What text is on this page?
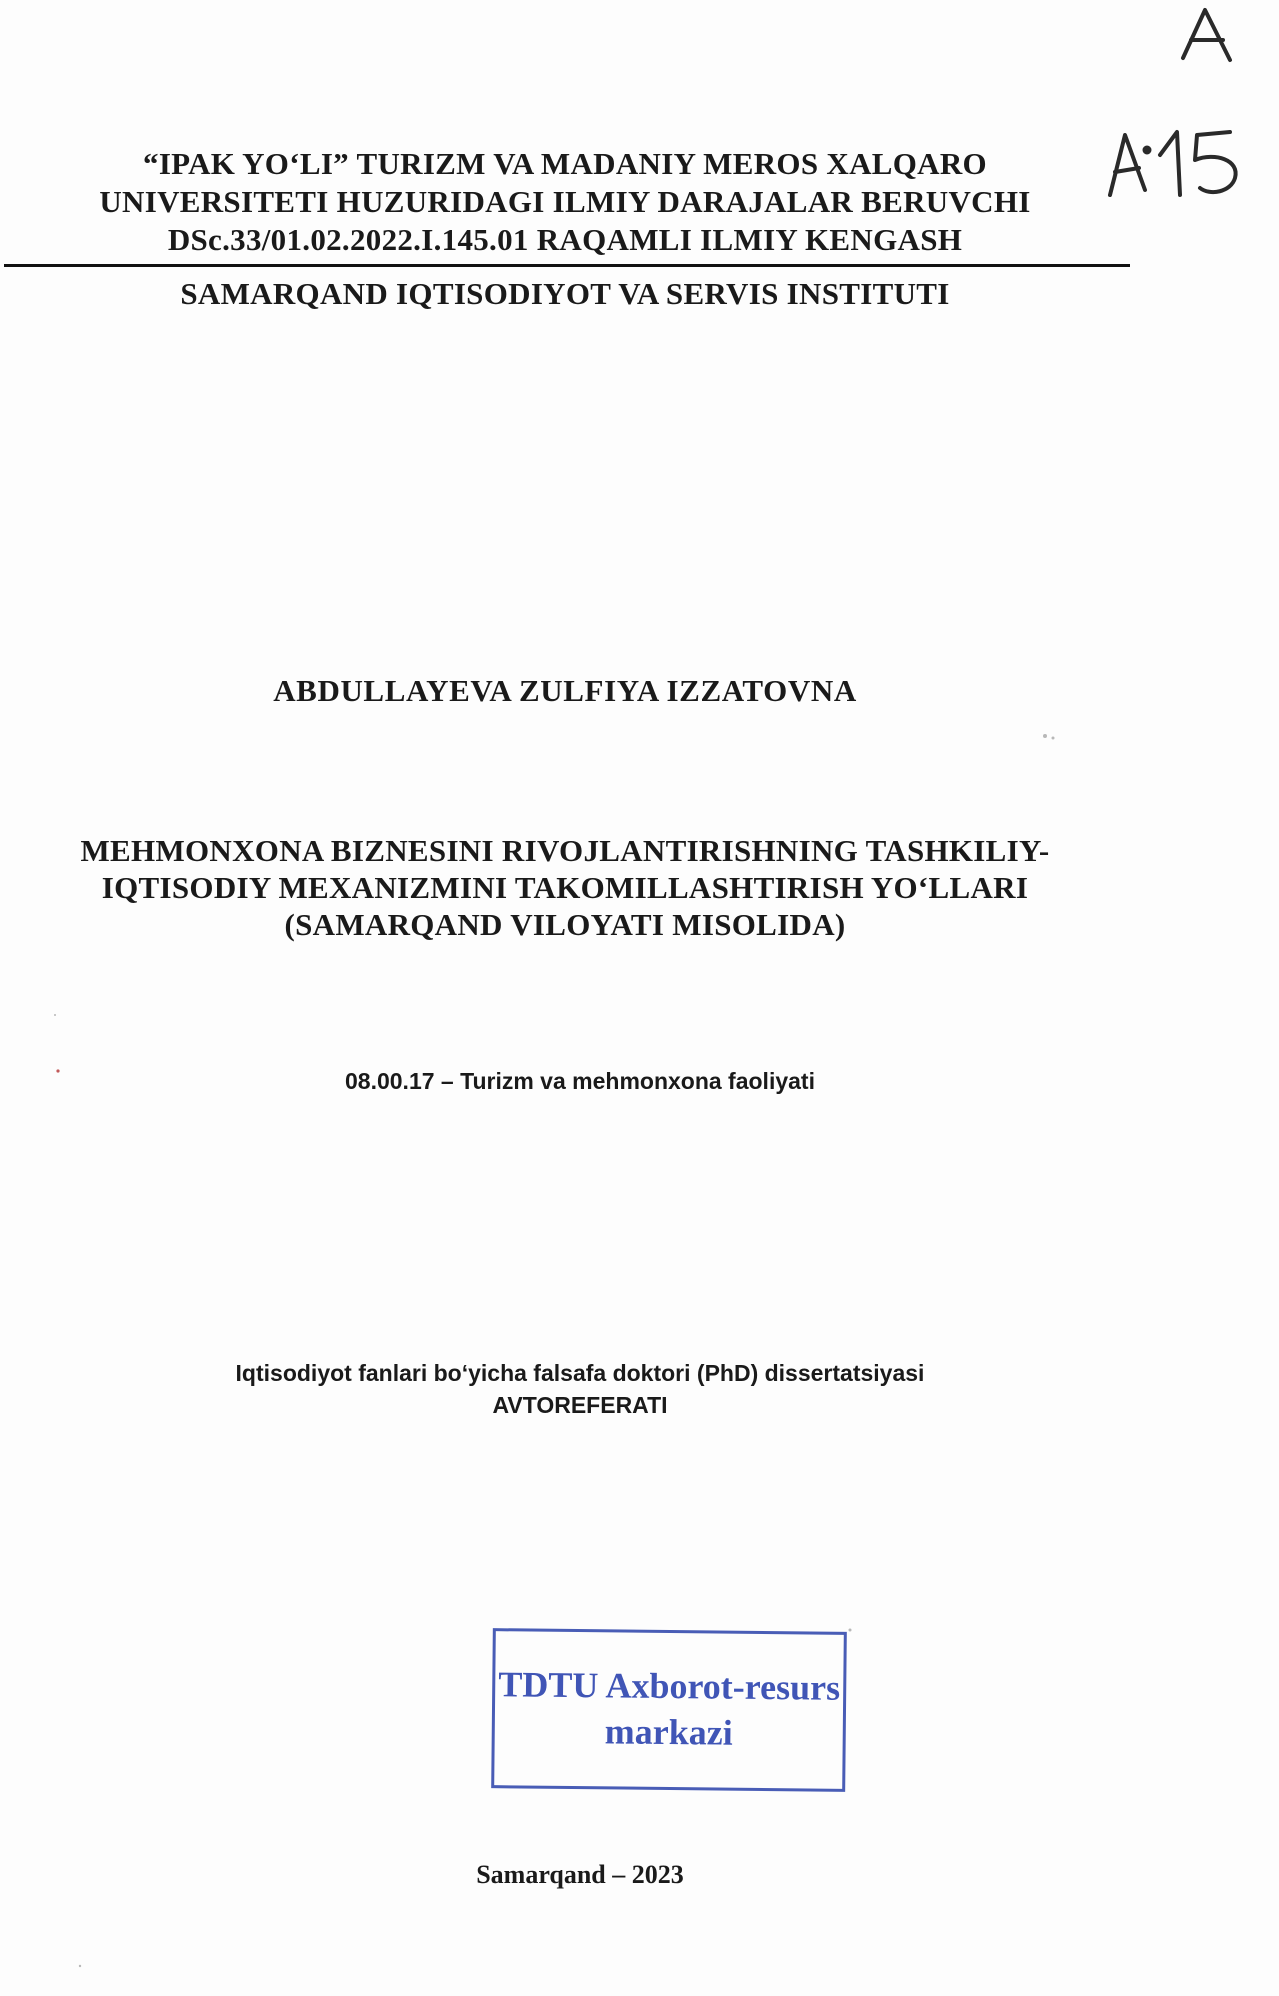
“IPAK YO‘LI” TURIZM VA MADANIY MEROS XALQARO
UNIVERSITETI HUZURIDAGI ILMIY DARAJALAR BERUVCHI
DSc.33/01.02.2022.I.145.01 RAQAMLI ILMIY KENGASH
SAMARQAND IQTISODIYOT VA SERVIS INSTITUTI
ABDULLAYEVA ZULFIYA IZZATOVNA
MEHMONXONA BIZNESINI RIVOJLANTIRISHNING TASHKILIY-
IQTISODIY MEXANIZMINI TAKOMILLASHTIRISH YO‘LLARI
(SAMARQAND VILOYATI MISOLIDA)
08.00.17 – Turizm va mehmonxona faoliyati
Iqtisodiyot fanlari bo‘yicha falsafa doktori (PhD) dissertatsiyasi
AVTOREFERATI
TDTU Axborot-resurs
markazi
Samarqand – 2023
